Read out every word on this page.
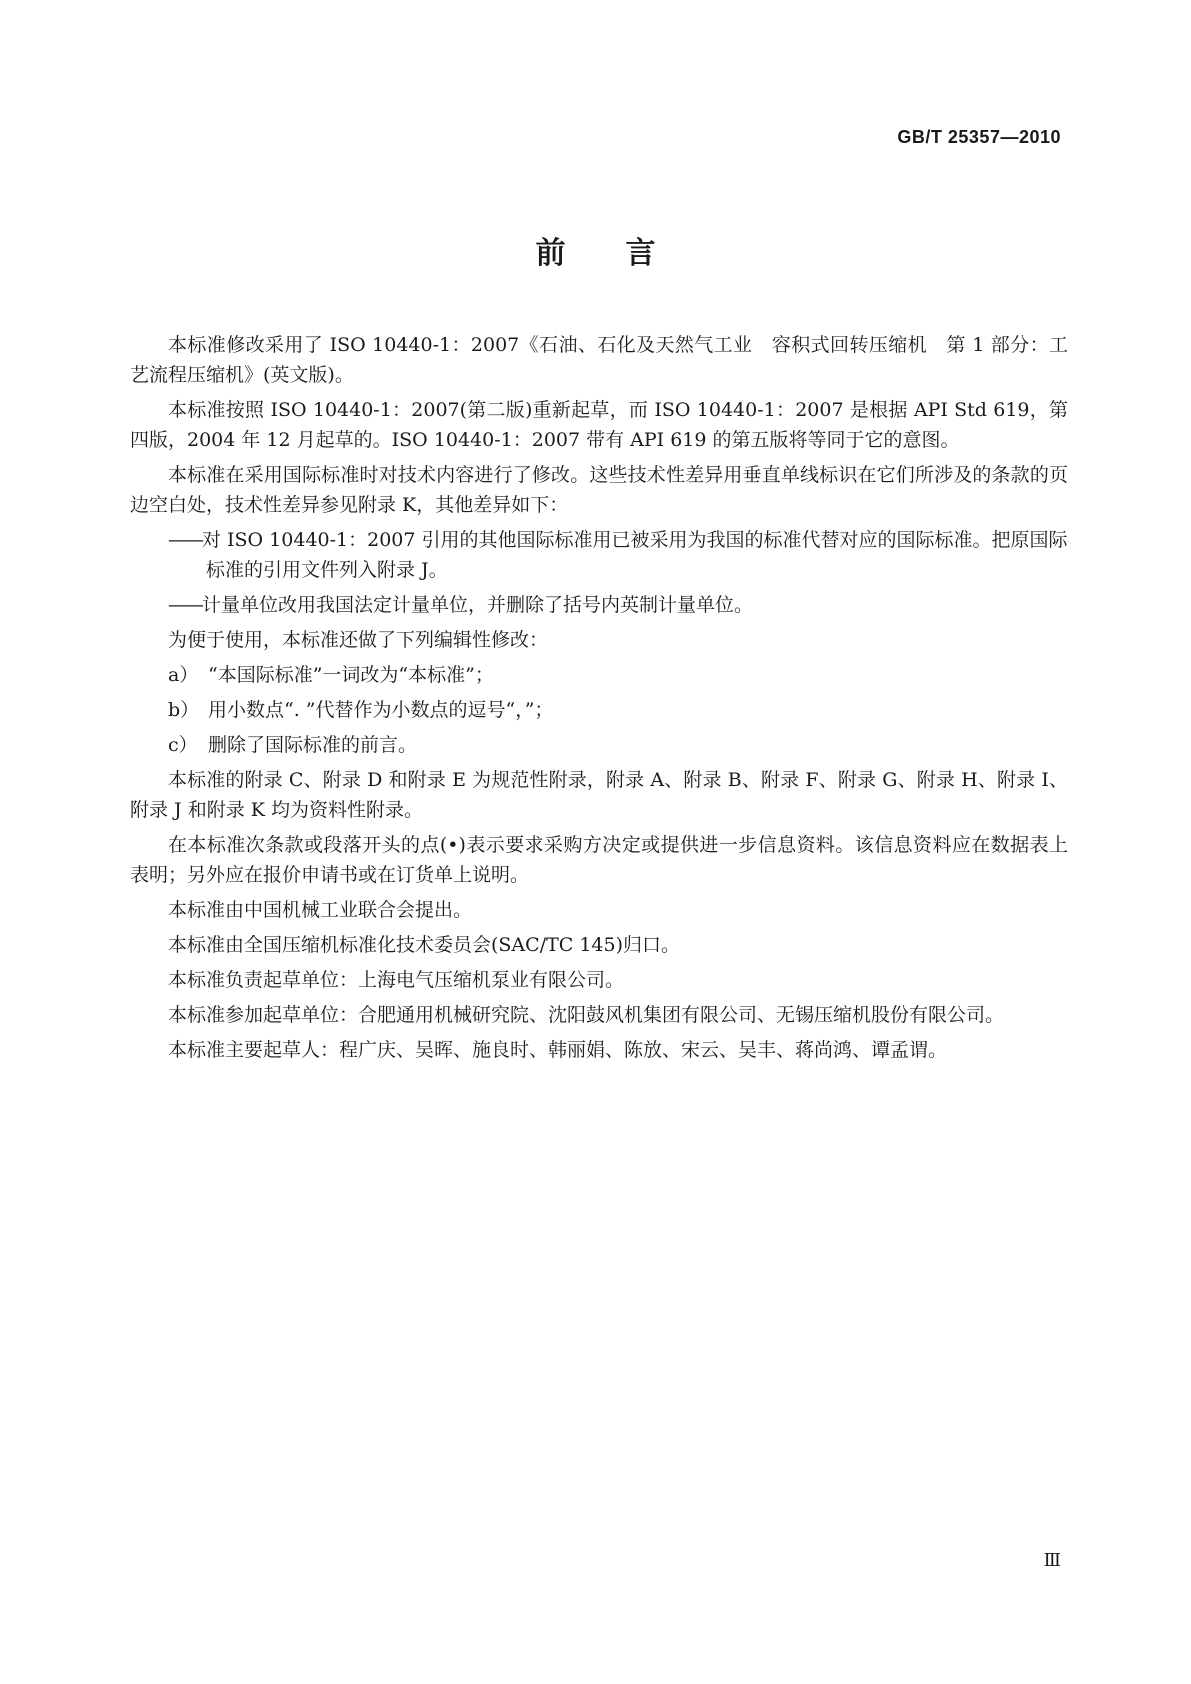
GB/T 25357—2010
前 言

本标准修改采用了 ISO 10440-1：2007《石油、石化及天然气工业　容积式回转压缩机　第 1 部分：工艺流程压缩机》(英文版)。

本标准按照 ISO 10440-1：2007(第二版)重新起草，而 ISO 10440-1：2007 是根据 API Std 619，第四版，2004 年 12 月起草的。ISO 10440-1：2007 带有 API 619 的第五版将等同于它的意图。

本标准在采用国际标准时对技术内容进行了修改。这些技术性差异用垂直单线标识在它们所涉及的条款的页边空白处，技术性差异参见附录 K，其他差异如下：

——对 ISO 10440-1：2007 引用的其他国际标准用已被采用为我国的标准代替对应的国际标准。把原国际标准的引用文件列入附录 J。

——计量单位改用我国法定计量单位，并删除了括号内英制计量单位。

为便于使用，本标准还做了下列编辑性修改：

a） “本国际标准”一词改为“本标准”；

b） 用小数点“. ”代替作为小数点的逗号“，”；

c） 删除了国际标准的前言。

本标准的附录 C、附录 D 和附录 E 为规范性附录，附录 A、附录 B、附录 F、附录 G、附录 H、附录 I、附录 J 和附录 K 均为资料性附录。

在本标准次条款或段落开头的点(•)表示要求采购方决定或提供进一步信息资料。该信息资料应在数据表上表明；另外应在报价申请书或在订货单上说明。

本标准由中国机械工业联合会提出。

本标准由全国压缩机标准化技术委员会(SAC/TC 145)归口。

本标准负责起草单位：上海电气压缩机泵业有限公司。

本标准参加起草单位：合肥通用机械研究院、沈阳鼓风机集团有限公司、无锡压缩机股份有限公司。

本标准主要起草人：程广庆、吴晖、施良时、韩丽娟、陈放、宋云、吴丰、蒋尚鸿、谭孟谓。

Ⅲ
